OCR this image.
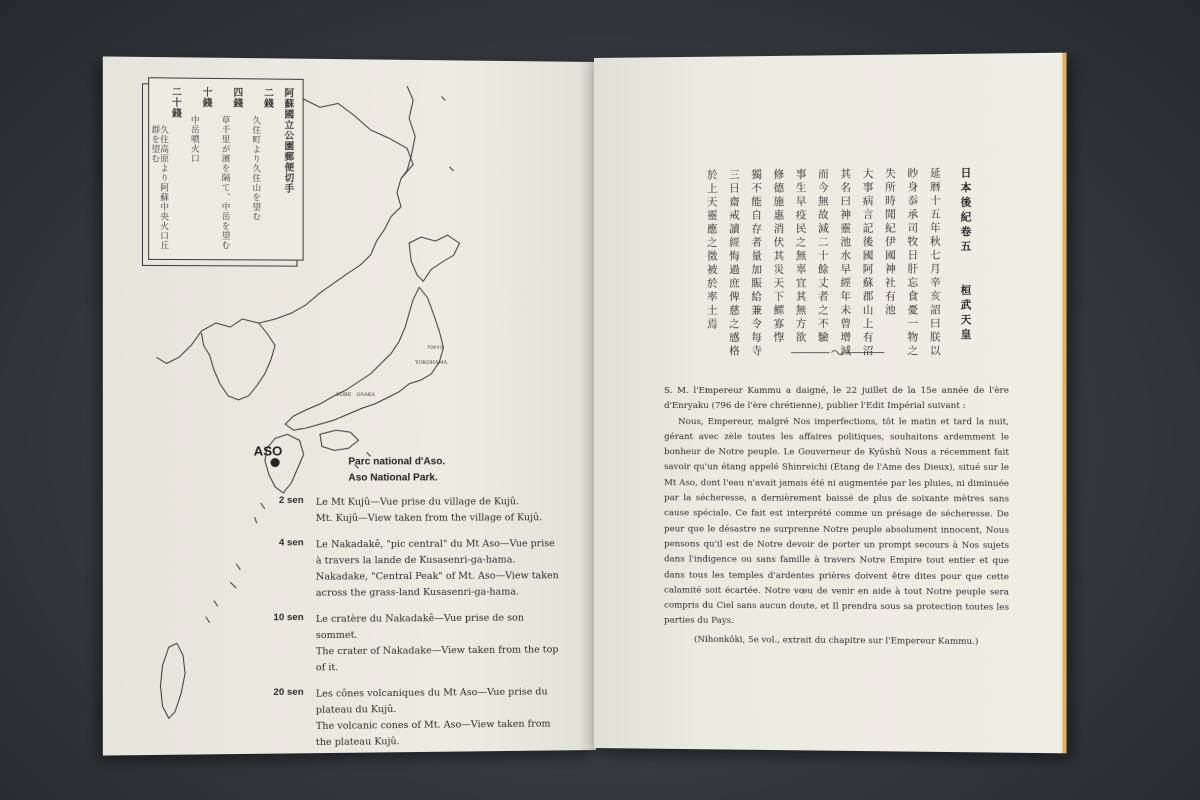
TOKYO
YOKOHAMA
KOBE OSAKA
阿蘇國立公園郵便切手
二錢
久住町より久住山を望む
四錢
草千里が濱を隔て、中岳を望む
十錢
中岳噴火口
二十錢
久住高原より阿蘇中央火口丘群を望む
ASO
Parc national d'Aso.
Aso National Park.
2 sen Le Mt Kujû—Vue prise du village de Kujû.
Mt. Kujû—View taken from the village of Kujû.
4 sen Le Nakadakê, "pic central" du Mt Aso—Vue prise à travers la lande de Kusasenri-ga-hama.
Nakadake, "Central Peak" of Mt. Aso—View taken across the grass-land Kusasenri-ga-hama.
10 sen Le cratère du Nakadakê—Vue prise de son sommet.
The crater of Nakadake—View taken from the top of it.
20 sen Les cônes volcaniques du Mt Aso—Vue prise du plateau du Kujû.
The volcanic cones of Mt. Aso—View taken from the plateau Kujû.
日本後紀卷五　　桓武天皇
延暦十五年秋七月辛亥詔曰朕以
眇身忝承司牧日肝忘食憂一物之
失所時聞紀伊國神社有池
大事病言記後國阿蘇郡山上有沼
其名曰神靈池水早經年未曾增減
而今無故減二十餘丈者之不驗
事生早疫民之無辜宜其無方欲
修德施惠消伏其災天下鰥寡惸
獨不能自存者量加賑給兼令每寺
三日齋戒讀經悔過庶俾慈之感格
於上天靈應之徵被於率土焉

S. M. l'Empereur Kammu a daigné, le 22 juillet de la 15e année de l'ère d'Enryaku (796 de l'ère chrétienne), publier l'Edit Impérial suivant :

Nous, Empereur, malgré Nos imperfections, tôt le matin et tard la nuit, gérant avec zèle toutes les affaires politiques, souhaitons ardemment le bonheur de Notre peuple. Le Gouverneur de Kyûshû Nous a récemment fait savoir qu'un étang appelé Shinreichi (Etang de l'Ame des Dieux), situé sur le Mt Aso, dont l'eau n'avait jamais été ni augmentée par les pluies, ni diminuée par la sécheresse, a dernièrement baissé de plus de soixante mètres sans cause spéciale. Ce fait est interprété comme un présage de sécheresse. De peur que le désastre ne surprenne Notre peuple absolument innocent, Nous pensons qu'il est de Notre devoir de porter un prompt secours à Nos sujets dans l'indigence ou sans famille à travers Notre Empire tout entier et que dans tous les temples d'ardentes prières doivent être dites pour que cette calamité soit écartée. Notre vœu de venir en aide à tout Notre peuple sera compris du Ciel sans aucun doute, et Il prendra sous sa protection toutes les parties du Pays.

(Nihonkôki, 5e vol., extrait du chapitre sur l'Empereur Kammu.)
